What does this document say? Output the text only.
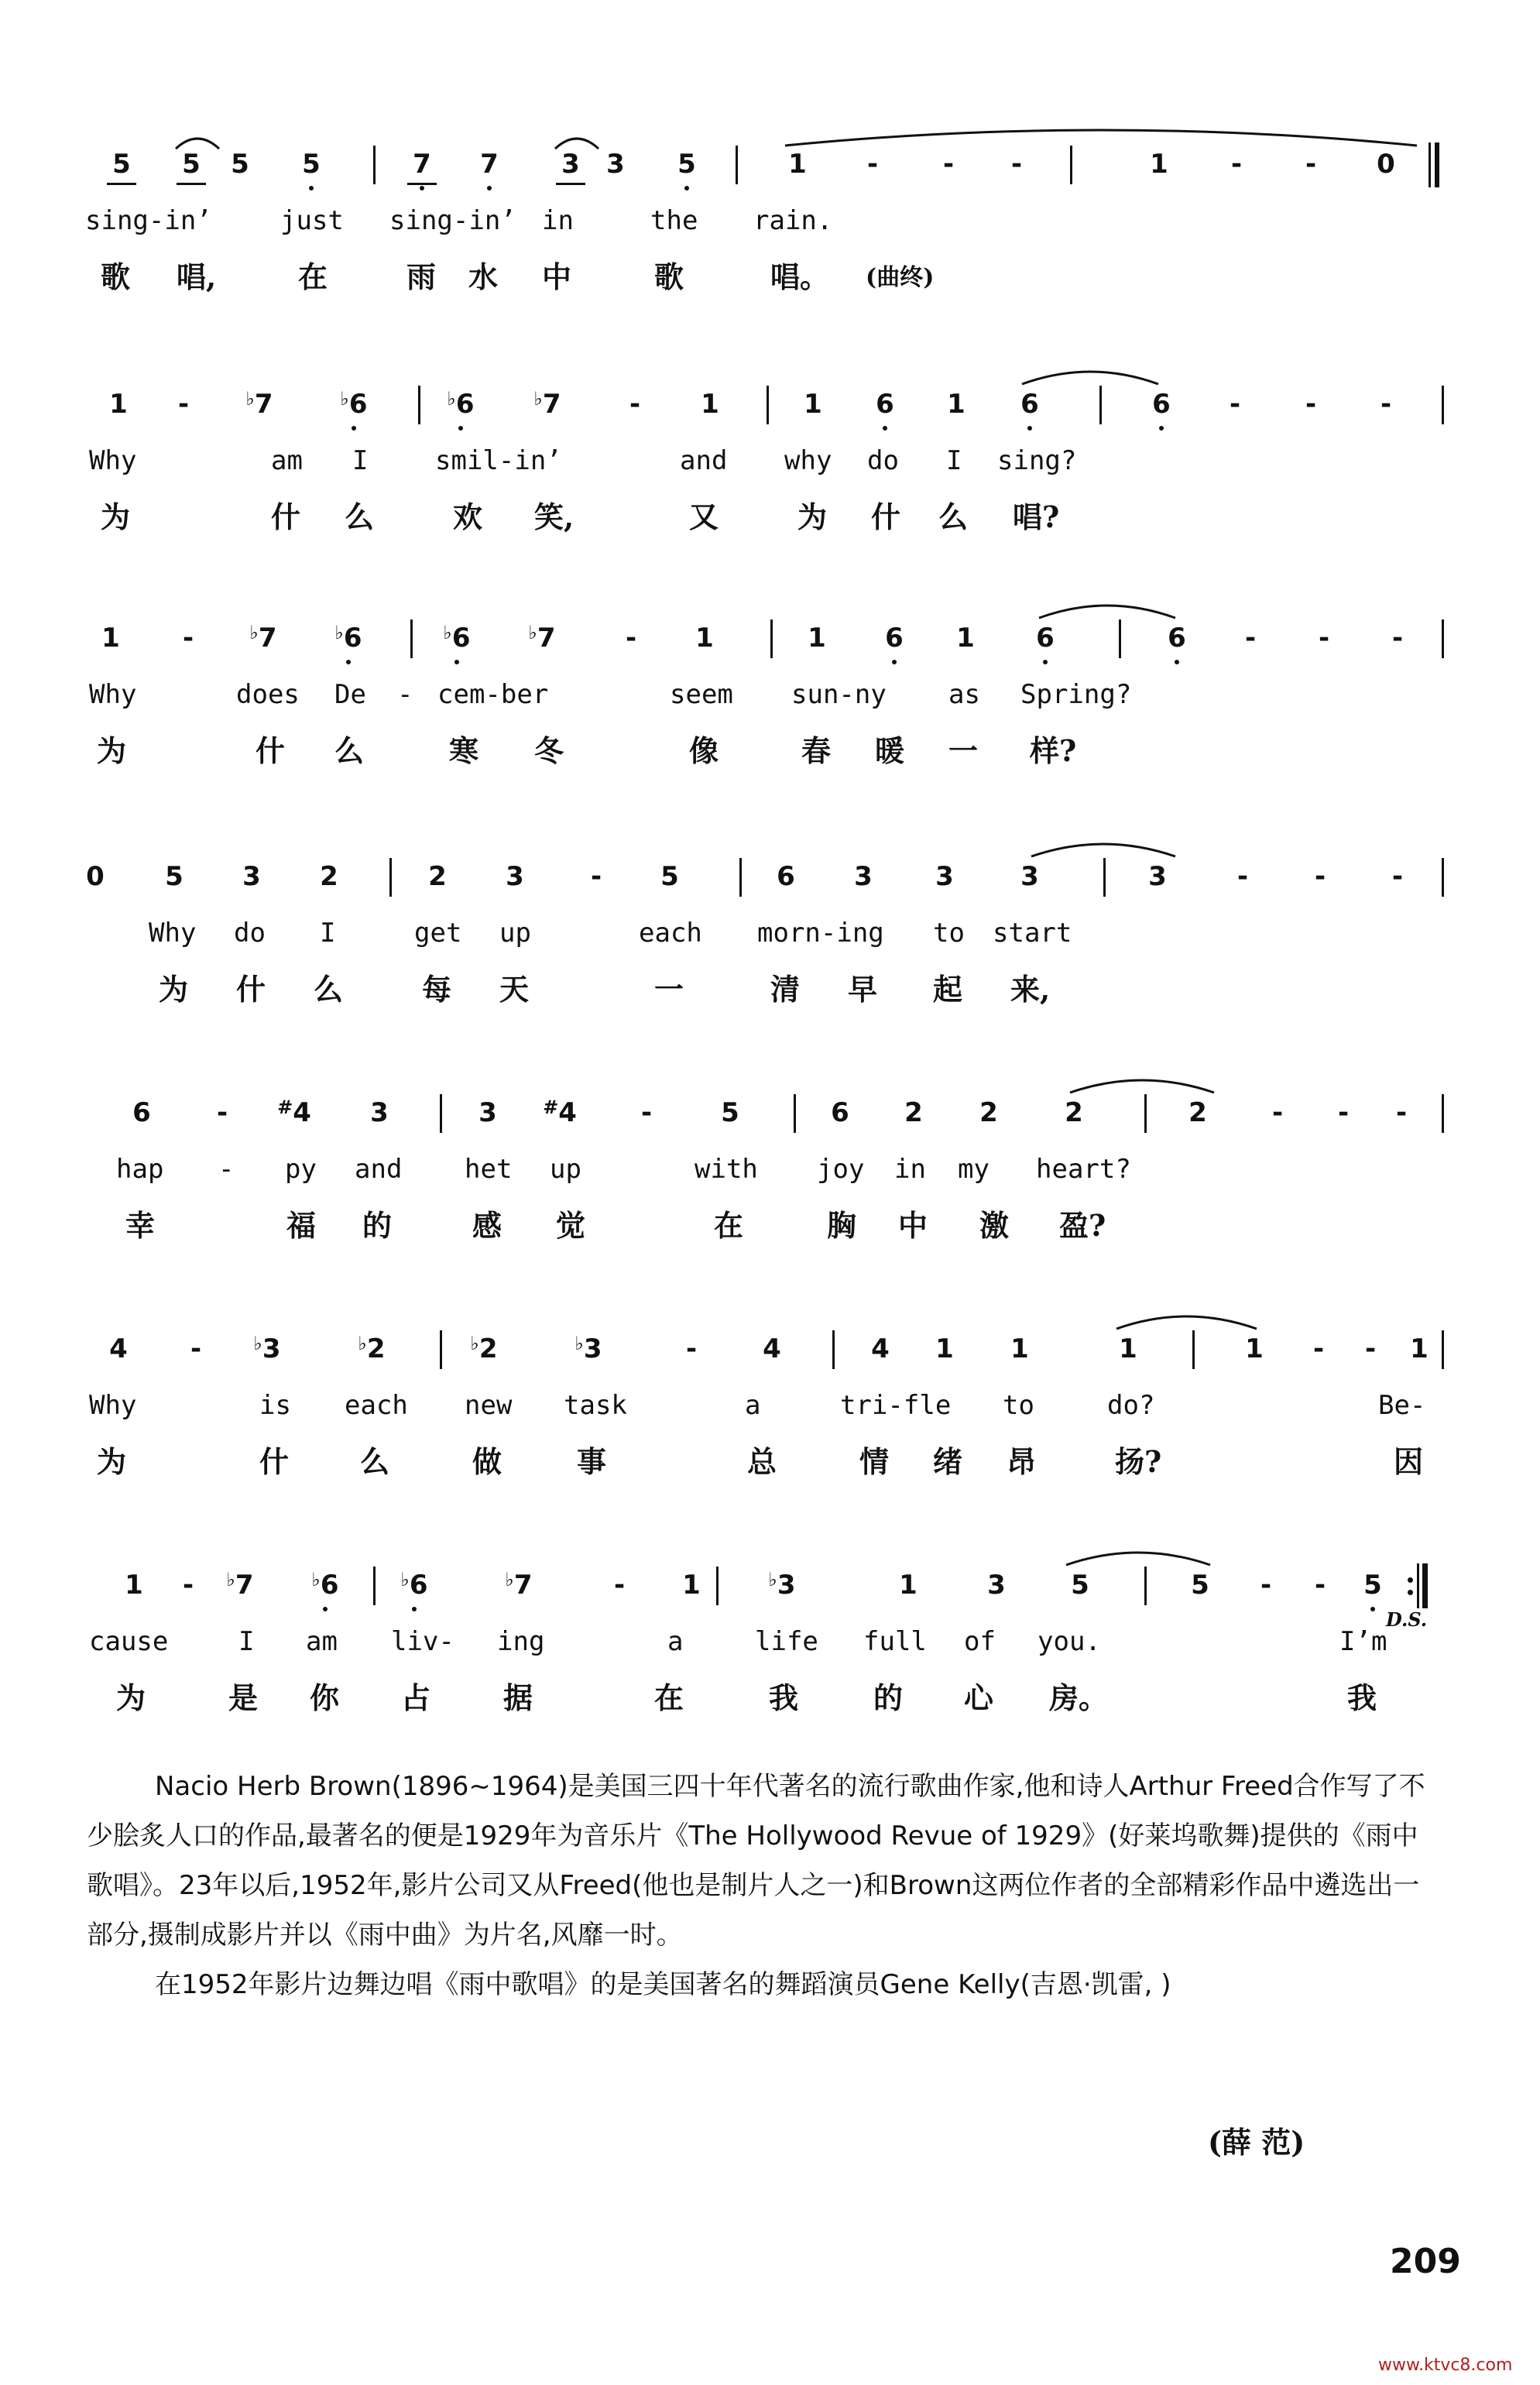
5	5	5	5	7	7	3	3	5	1	-	-	-	1	-	-	0
sing-in’	just sing-in’ in	the rain.
歌 唱,	在	雨 水 中	歌	唱。 (曲终)
1	-	♭7	♭6	♭6	♭7	-	1	1	6	1	6	6	-	-	-
Why	am I	smil-in’	and why do I sing?
为	什 么	欢 笑,	又	为 什 么 唱?
1	-	♭7	♭6	♭6	♭7	-	1	1	6	1	6	6	-	-	-
Why	does De - cem-ber	seem sun-ny as Spring?
为	什 么	寒 冬	像	春 暖 一 样?
0	5	3	2	2	3	-	5	6	3	3	3	3	-	-	-
Why do I	get up	each morn-ing to start
为 什 么	每 天	一	清 早 起 来,
6	-	#4	3	3	#4	-	5	6	2	2	2	2	-	-	-
hap - py and het up	with joy in my heart?
幸	福 的	感 觉	在	胸 中 激 盈?
4	-	♭3	♭2	♭2	♭3	-	4	4	1	1	1	1	-	-	1
Why	is each new task	a	tri-fle to	do?	Be-
为	什 么	做	事	总	情 绪 昂	扬?	因
1	-	♭7	♭6	♭6	♭7	-	1	♭3	1	3	5	5	-	-	5
D.S.
cause	I am liv- ing	a	life full of you.	I’m
为	是 你 占 据	在	我	的 心 房。	我

Nacio Herb Brown(1896~1964)是美国三四十年代著名的流行歌曲作家,他和诗人Arthur Freed合作写了不少脍炙人口的作品,最著名的便是1929年为音乐片《The Hollywood Revue of 1929》(好莱坞歌舞)提供的《雨中歌唱》。23年以后,1952年,影片公司又从Freed(他也是制片人之一)和Brown这两位作者的全部精彩作品中遴选出一部分,摄制成影片并以《雨中曲》为片名,风靡一时。

在1952年影片边舞边唱《雨中歌唱》的是美国著名的舞蹈演员Gene Kelly(吉恩·凯雷, )

(薛 范)
209
www.ktvc8.com
